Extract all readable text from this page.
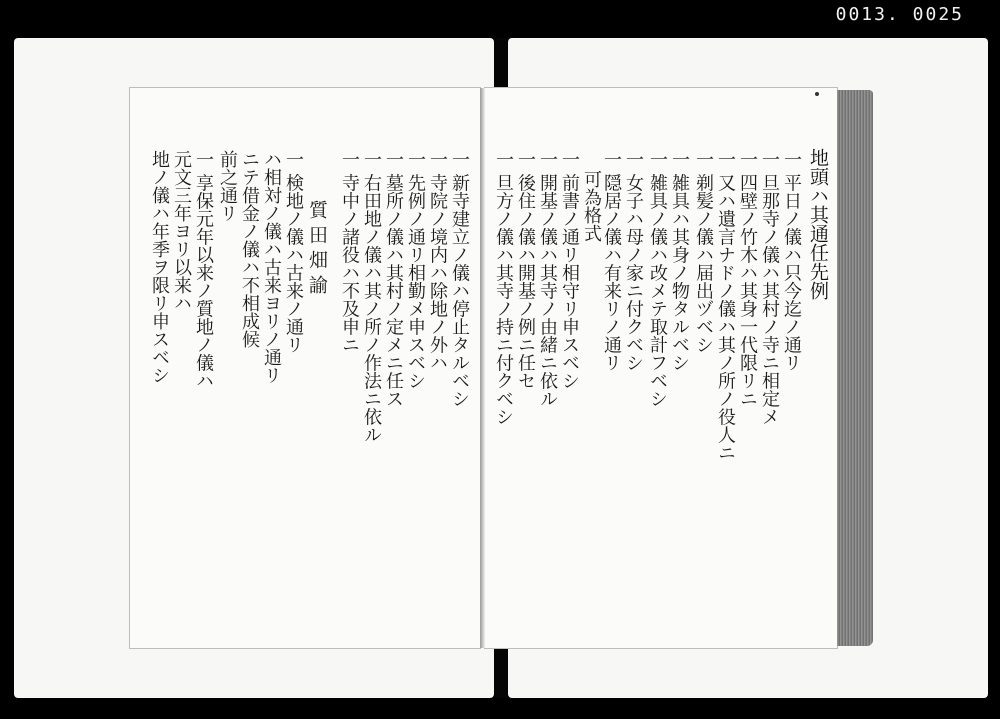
0013. 0025
地頭ハ其通任先例
一 平日ノ儀ハ只今迄ノ通リ
一 旦那寺ノ儀ハ其村ノ寺ニ相定メ
一 四壁ノ竹木ハ其身一代限リニ
一 又ハ遺言ナドノ儀ハ其ノ所ノ役人ニ
一 剃髪ノ儀ハ届出ヅベシ
一 雑具ハ其身ノ物タルベシ
一 雑具ノ儀ハ改メテ取計フベシ
一 女子ハ母ノ家ニ付クベシ
一 隠居ノ儀ハ有来リノ通リ
可為格式
一 前書ノ通リ相守リ申スベシ
一 開基ノ儀ハ其寺ノ由緒ニ依ル
一 後住ノ儀ハ開基ノ例ニ任セ
一 旦方ノ儀ハ其寺ノ持ニ付クベシ
一 新寺建立ノ儀ハ停止タルベシ
一 寺院ノ境内ハ除地ノ外ハ
一 先例ノ通リ相勤メ申スベシ
一 墓所ノ儀ハ其村ノ定メニ任ス
一 右田地ノ儀ハ其ノ所ノ作法ニ依ル
一 寺中ノ諸役ハ不及申ニ
質田畑諭
一 検地ノ儀ハ古来ノ通リ
ハ相対ノ儀ハ古来ヨリノ通リ
ニテ借金ノ儀ハ不相成候
前之通リ
一 享保元年以来ノ質地ノ儀ハ
元文三年ヨリ以来ハ
地ノ儀ハ年季ヲ限リ申スベシ
